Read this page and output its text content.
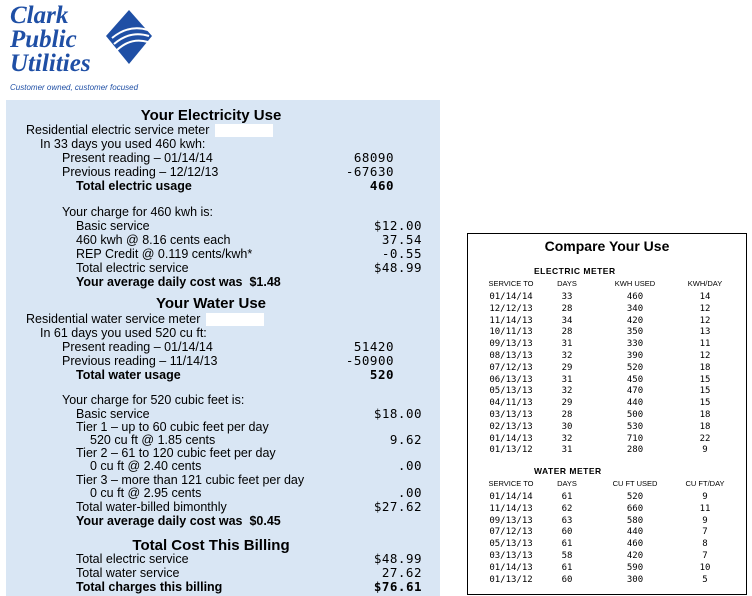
Clark
Public
Utilities
Customer owned, customer focused
Your Electricity Use
Residential electric service meter
In 33 days you used 460 kwh:
Present reading – 01/14/14	68090
Previous reading – 12/12/13	-67630
Total electric usage	460
Your charge for 460 kwh is:
Basic service	$12.00
460 kwh @ 8.16 cents each	37.54
REP Credit @ 0.119 cents/kwh*	-0.55
Total electric service	$48.99
Your average daily cost was $1.48
Your Water Use
Residential water service meter
In 61 days you used 520 cu ft:
Present reading – 01/14/14	51420
Previous reading – 11/14/13	-50900
Total water usage	520
Your charge for 520 cubic feet is:
Basic service	$18.00
Tier 1 – up to 60 cubic feet per day
520 cu ft @ 1.85 cents	9.62
Tier 2 – 61 to 120 cubic feet per day
0 cu ft @ 2.40 cents	.00
Tier 3 – more than 121 cubic feet per day
0 cu ft @ 2.95 cents	.00
Total water-billed bimonthly	$27.62
Your average daily cost was $0.45
Total Cost This Billing
Total electric service	$48.99
Total water service	27.62
Total charges this billing	$76.61
Compare Your Use
ELECTRIC METER
SERVICE TO	DAYS	KWH USED	KWH/DAY
01/14/14	33	460	14
12/12/13	28	340	12
11/14/13	34	420	12
10/11/13	28	350	13
09/13/13	31	330	11
08/13/13	32	390	12
07/12/13	29	520	18
06/13/13	31	450	15
05/13/13	32	470	15
04/11/13	29	440	15
03/13/13	28	500	18
02/13/13	30	530	18
01/14/13	32	710	22
01/13/12	31	280	9
WATER METER
SERVICE TO	DAYS	CU FT USED	CU FT/DAY
01/14/14	61	520	9
11/14/13	62	660	11
09/13/13	63	580	9
07/12/13	60	440	7
05/13/13	61	460	8
03/13/13	58	420	7
01/14/13	61	590	10
01/13/12	60	300	5
